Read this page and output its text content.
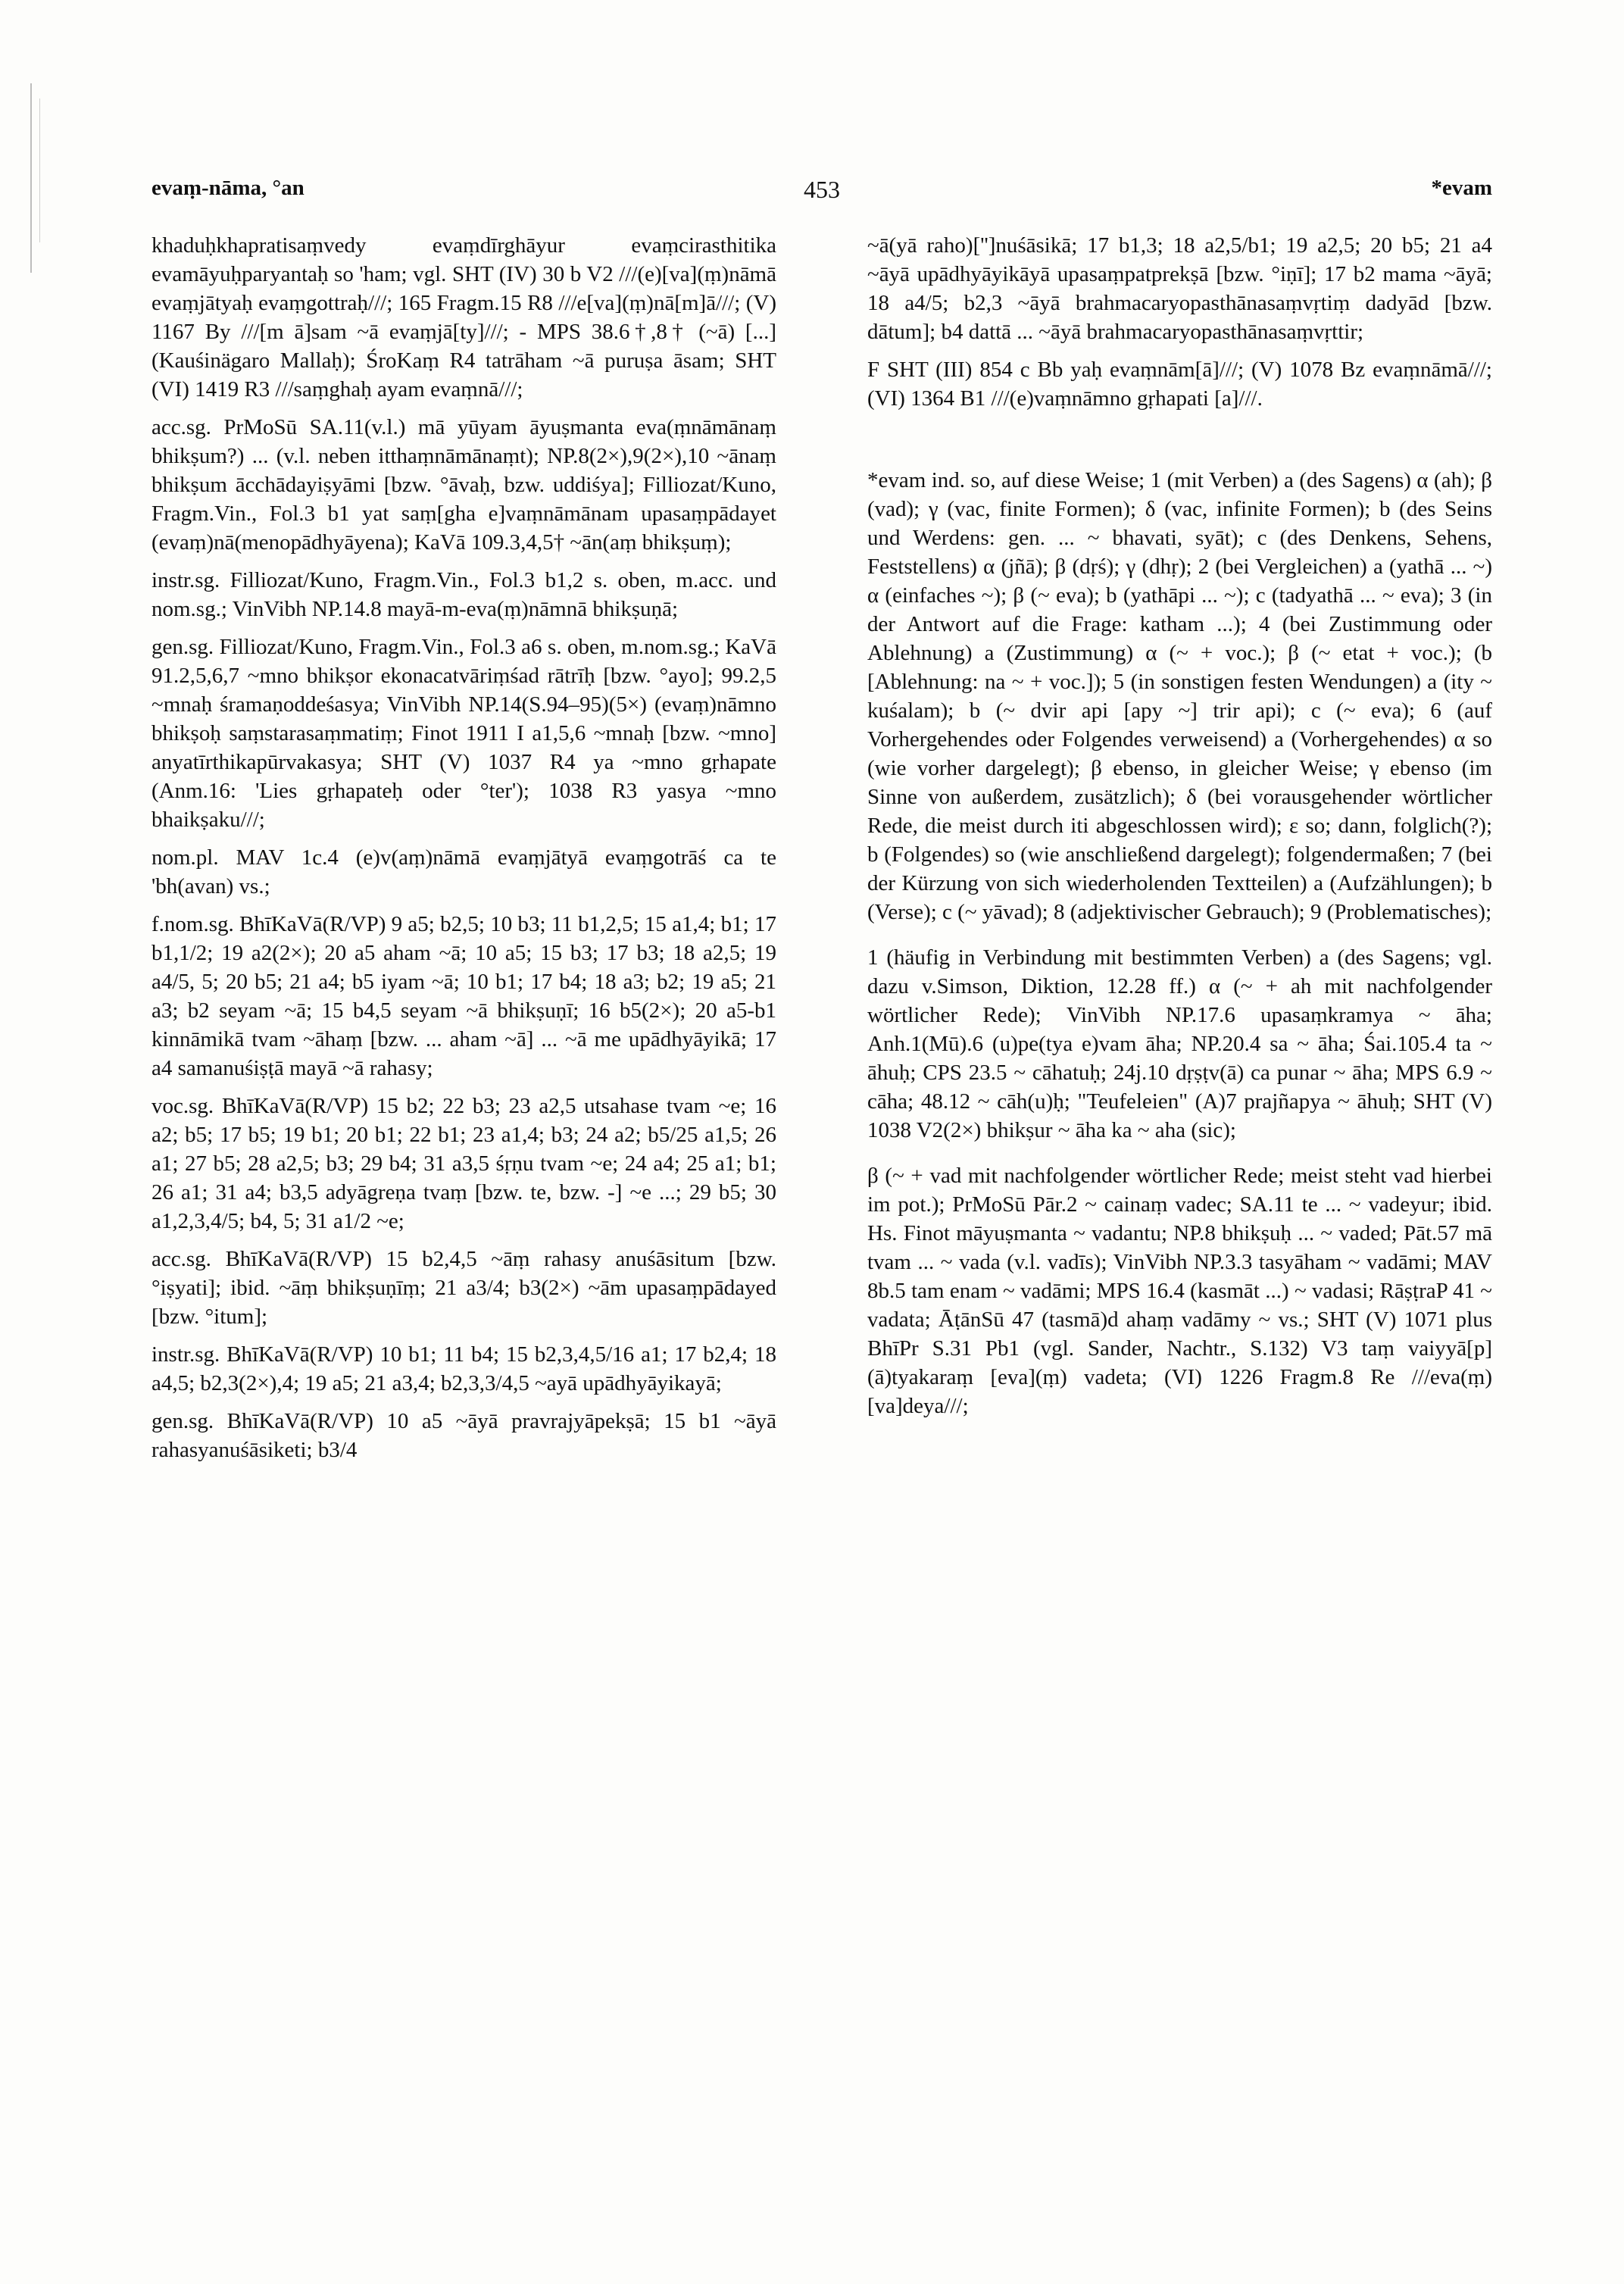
evaṃ-nāma, °an	453	*evam

khaduḥkhapratisaṃvedy evaṃdīrghāyur evaṃcirasthitika evamāyuḥparyantaḥ so 'ham; vgl. SHT (IV) 30 b V2 ///(e)[va](ṃ)nāmā evaṃjātyaḥ evaṃgottraḥ///; 165 Fragm.15 R8 ///e[va](ṃ)nā[m]ā///; (V) 1167 By ///[m ā]sam ~ā evaṃjā[ty]///; - MPS 38.6†,8† (~ā) [...] (Kauśinägaro Mallaḥ); ŚroKaṃ R4 tatrāham ~ā puruṣa āsam; SHT (VI) 1419 R3 ///saṃghaḥ ayam evaṃnā///;

acc.sg. PrMoSū SA.11(v.l.) mā yūyam āyuṣmanta eva(ṃnāmānaṃ bhikṣum?) ... (v.l. neben itthaṃnāmānaṃt); NP.8(2×),9(2×),10 ~ānaṃ bhikṣum ācchādayiṣyāmi [bzw. °āvaḥ, bzw. uddiśya]; Filliozat/Kuno, Fragm.Vin., Fol.3 b1 yat saṃ[gha e]vaṃnāmānam upasaṃpādayet (evaṃ)nā(menopādhyāyena); KaVā 109.3,4,5† ~ān(aṃ bhikṣuṃ);

instr.sg. Filliozat/Kuno, Fragm.Vin., Fol.3 b1,2 s. oben, m.acc. und nom.sg.; VinVibh NP.14.8 mayā-m-eva(ṃ)nāmnā bhikṣuṇā;

gen.sg. Filliozat/Kuno, Fragm.Vin., Fol.3 a6 s. oben, m.nom.sg.; KaVā 91.2,5,6,7 ~mno bhikṣor ekonacatvāriṃśad rātrīḥ [bzw. °ayo]; 99.2,5 ~mnaḥ śramaṇoddeśasya; VinVibh NP.14(S.94–95)(5×) (evaṃ)nāmno bhikṣoḥ saṃstarasaṃmatiṃ; Finot 1911 I a1,5,6 ~mnaḥ [bzw. ~mno] anyatīrthikapūrvakasya; SHT (V) 1037 R4 ya ~mno gṛhapate (Anm.16: 'Lies gṛhapateḥ oder °ter'); 1038 R3 yasya ~mno bhaikṣaku///;

nom.pl. MAV 1c.4 (e)v(aṃ)nāmā evaṃjātyā evaṃgotrāś ca te 'bh(avan) vs.;

f.nom.sg. BhīKaVā(R/VP) 9 a5; b2,5; 10 b3; 11 b1,2,5; 15 a1,4; b1; 17 b1,1/2; 19 a2(2×); 20 a5 aham ~ā; 10 a5; 15 b3; 17 b3; 18 a2,5; 19 a4/5, 5; 20 b5; 21 a4; b5 iyam ~ā; 10 b1; 17 b4; 18 a3; b2; 19 a5; 21 a3; b2 seyam ~ā; 15 b4,5 seyam ~ā bhikṣuṇī; 16 b5(2×); 20 a5-b1 kinnāmikā tvam ~āhaṃ [bzw. ... aham ~ā] ... ~ā me upādhyāyikā; 17 a4 samanuśiṣṭā mayā ~ā rahasy;

voc.sg. BhīKaVā(R/VP) 15 b2; 22 b3; 23 a2,5 utsahase tvam ~e; 16 a2; b5; 17 b5; 19 b1; 20 b1; 22 b1; 23 a1,4; b3; 24 a2; b5/25 a1,5; 26 a1; 27 b5; 28 a2,5; b3; 29 b4; 31 a3,5 śṛṇu tvam ~e; 24 a4; 25 a1; b1; 26 a1; 31 a4; b3,5 adyāgreṇa tvaṃ [bzw. te, bzw. -] ~e ...; 29 b5; 30 a1,2,3,4/5; b4, 5; 31 a1/2 ~e;

acc.sg. BhīKaVā(R/VP) 15 b2,4,5 ~āṃ rahasy anuśāsitum [bzw. °iṣyati]; ibid. ~āṃ bhikṣuṇīṃ; 21 a3/4; b3(2×) ~ām upasaṃpādayed [bzw. °itum];

instr.sg. BhīKaVā(R/VP) 10 b1; 11 b4; 15 b2,3,4,5/16 a1; 17 b2,4; 18 a4,5; b2,3(2×),4; 19 a5; 21 a3,4; b2,3,3/4,5 ~ayā upādhyāyikayā;

gen.sg. BhīKaVā(R/VP) 10 a5 ~āyā pravrajyāpekṣā; 15 b1 ~āyā rahasyanuśāsiketi; b3/4

~ā(yā raho)['']nuśāsikā; 17 b1,3; 18 a2,5/b1; 19 a2,5; 20 b5; 21 a4 ~āyā upādhyāyikāyā upasaṃpatprekṣā [bzw. °iṇī]; 17 b2 mama ~āyā; 18 a4/5; b2,3 ~āyā brahmacaryopasthānasaṃvṛtiṃ dadyād [bzw. dātum]; b4 dattā ... ~āyā brahmacaryopasthānasaṃvṛttir;

F SHT (III) 854 c Bb yaḥ evaṃnām[ā]///; (V) 1078 Bz evaṃnāmā///; (VI) 1364 B1 ///(e)vaṃnāmno gṛhapati [a]///.

*evam ind. so, auf diese Weise; 1 (mit Verben) a (des Sagens) α (ah); β (vad); γ (vac, finite Formen); δ (vac, infinite Formen); b (des Seins und Werdens: gen. ... ~ bhavati, syāt); c (des Denkens, Sehens, Feststellens) α (jñā); β (dṛś); γ (dhṛ); 2 (bei Vergleichen) a (yathā ... ~) α (einfaches ~); β (~ eva); b (yathāpi ... ~); c (tadyathā ... ~ eva); 3 (in der Antwort auf die Frage: katham ...); 4 (bei Zustimmung oder Ablehnung) a (Zustimmung) α (~ + voc.); β (~ etat + voc.); (b [Ablehnung: na ~ + voc.]); 5 (in sonstigen festen Wendungen) a (ity ~ kuśalam); b (~ dvir api [apy ~] trir api); c (~ eva); 6 (auf Vorhergehendes oder Folgendes verweisend) a (Vorhergehendes) α so (wie vorher dargelegt); β ebenso, in gleicher Weise; γ ebenso (im Sinne von außerdem, zusätzlich); δ (bei vorausgehender wörtlicher Rede, die meist durch iti abgeschlossen wird); ε so; dann, folglich(?); b (Folgendes) so (wie anschließend dargelegt); folgendermaßen; 7 (bei der Kürzung von sich wiederholenden Textteilen) a (Aufzählungen); b (Verse); c (~ yāvad); 8 (adjektivischer Gebrauch); 9 (Problematisches);

1 (häufig in Verbindung mit bestimmten Verben) a (des Sagens; vgl. dazu v.Simson, Diktion, 12.28 ff.) α (~ + ah mit nachfolgender wörtlicher Rede); VinVibh NP.17.6 upasaṃkramya ~ āha; Anh.1(Mū).6 (u)pe(tya e)vam āha; NP.20.4 sa ~ āha; Śai.105.4 ta ~ āhuḥ; CPS 23.5 ~ cāhatuḥ; 24j.10 dṛṣṭv(ā) ca punar ~ āha; MPS 6.9 ~ cāha; 48.12 ~ cāh(u)ḥ; "Teufeleien" (A)7 prajñapya ~ āhuḥ; SHT (V) 1038 V2(2×) bhikṣur ~ āha ka ~ aha (sic);

β (~ + vad mit nachfolgender wörtlicher Rede; meist steht vad hierbei im pot.); PrMoSū Pār.2 ~ cainaṃ vadec; SA.11 te ... ~ vadeyur; ibid. Hs. Finot māyuṣmanta ~ vadantu; NP.8 bhikṣuḥ ... ~ vaded; Pāt.57 mā tvam ... ~ vada (v.l. vadīs); VinVibh NP.3.3 tasyāham ~ vadāmi; MAV 8b.5 tam enam ~ vadāmi; MPS 16.4 (kasmāt ...) ~ vadasi; RāṣṭraP 41 ~ vadata; ĀṭānSū 47 (tasmā)d ahaṃ vadāmy ~ vs.; SHT (V) 1071 plus BhīPr S.31 Pb1 (vgl. Sander, Nachtr., S.132) V3 taṃ vaiyyā[p](ā)tyakaraṃ [eva](ṃ) vadeta; (VI) 1226 Fragm.8 Re ///eva(ṃ) [va]deya///;
